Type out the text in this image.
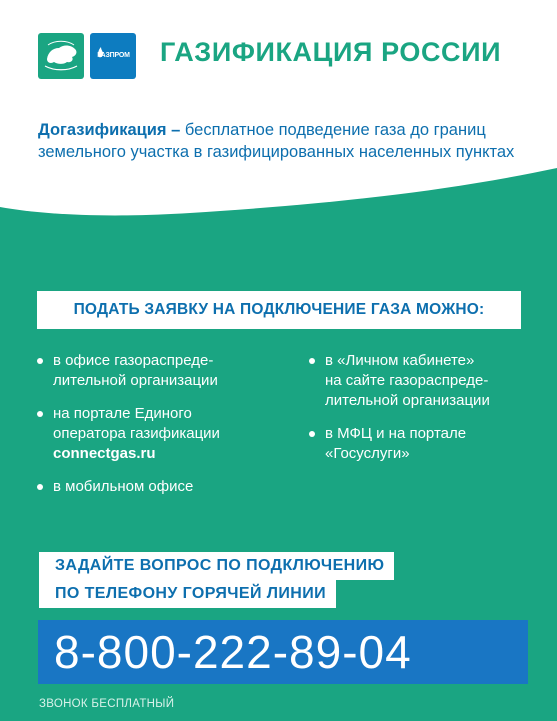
ГАЗПРОМ ГАЗИФИКАЦИЯ РОССИИ

Догазификация – бесплатное подведение газа до границ земельного участка в газифицированных населенных пунктах

ПОДАТЬ ЗАЯВКУ НА ПОДКЛЮЧЕНИЕ ГАЗА МОЖНО:
в офисе газораспреде-
лительной организации
на портале Единого
оператора газификации
connectgas.ru
в мобильном офисе
в «Личном кабинете»
на сайте газораспреде-
лительной организации
в МФЦ и на портале
«Госуслуги»
ЗАДАЙТЕ ВОПРОС ПО ПОДКЛЮЧЕНИЮ
ПО ТЕЛЕФОНУ ГОРЯЧЕЙ ЛИНИИ
8-800-222-89-04
ЗВОНОК БЕСПЛАТНЫЙ
